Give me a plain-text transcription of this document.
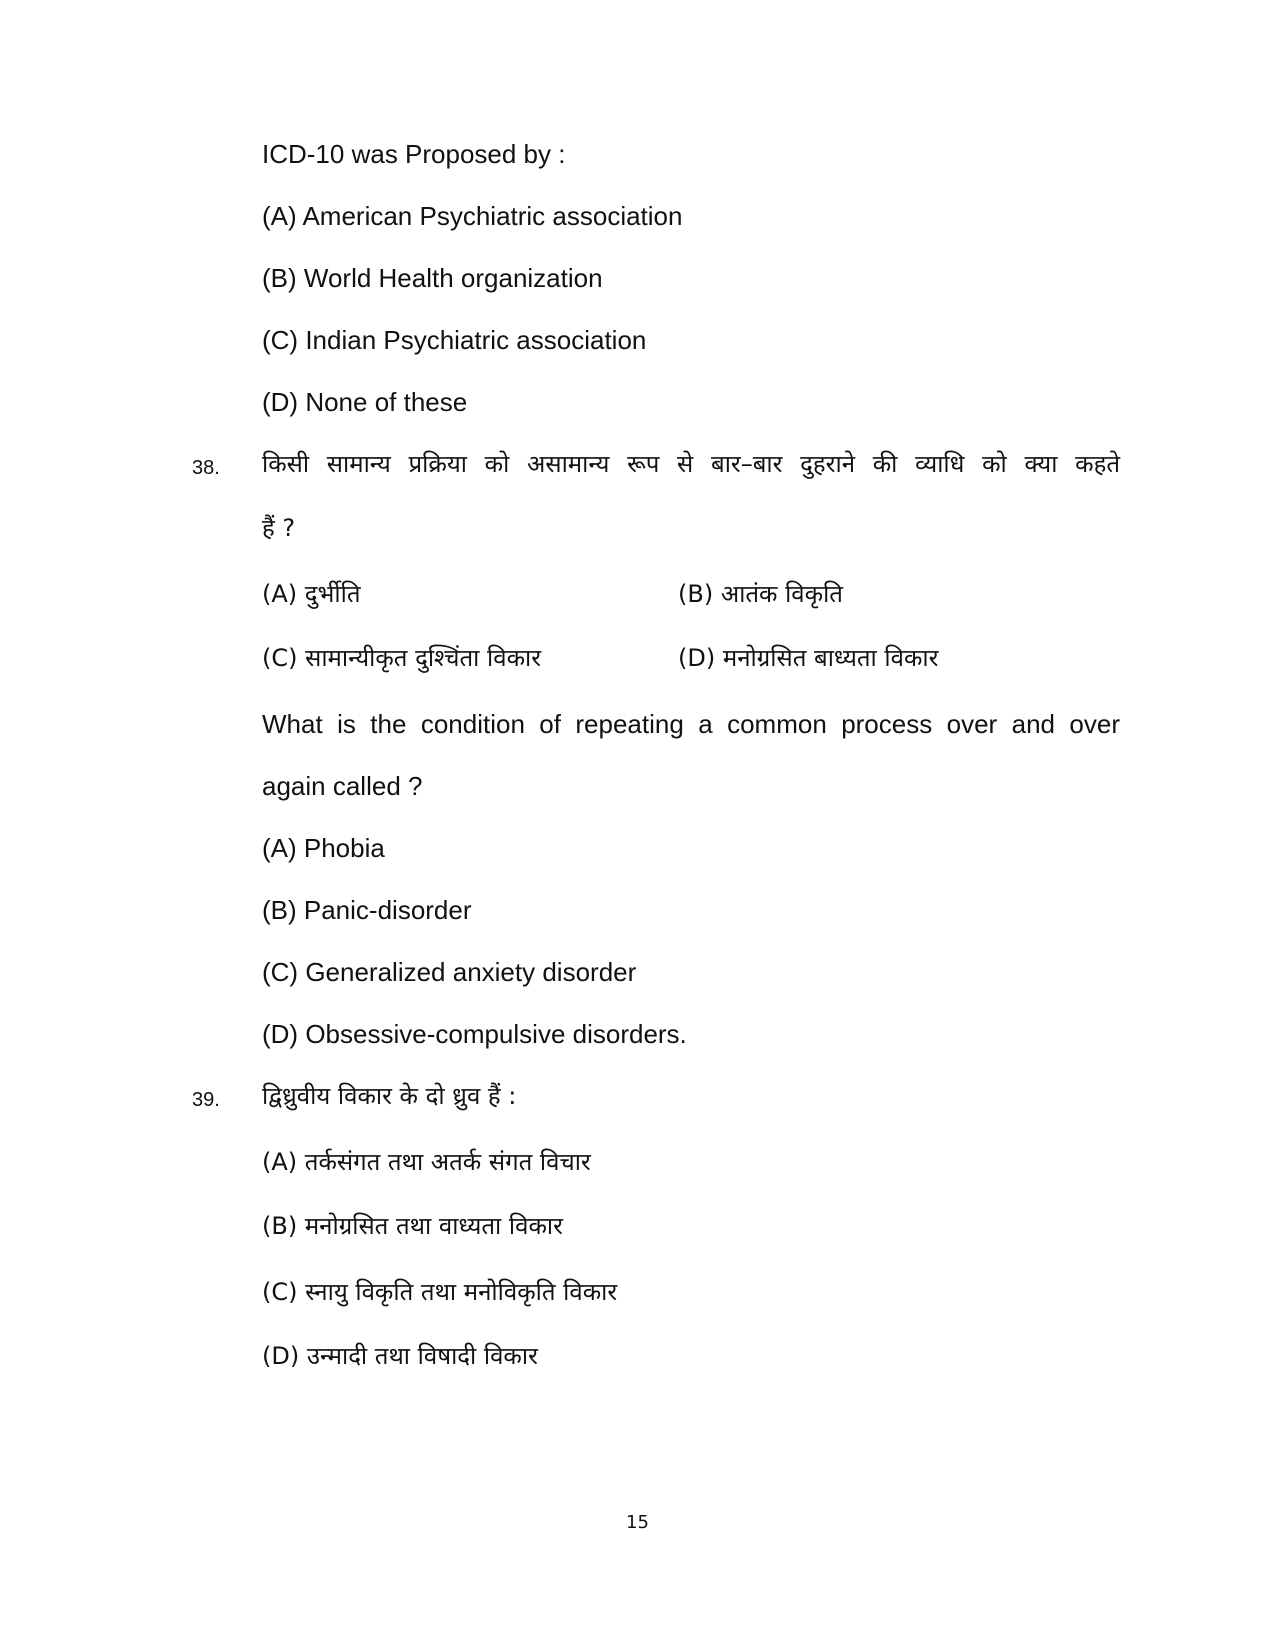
ICD-10 was Proposed by :
(A) American Psychiatric association
(B) World Health organization
(C) Indian Psychiatric association
(D) None of these
38. किसी सामान्य प्रक्रिया को असामान्य रूप से बार–बार दुहराने की व्याधि को क्या कहते
हैं ?
(A) दुर्भीति	(B) आतंक विकृति
(C) सामान्यीकृत दुश्चिंता विकार	(D) मनोग्रसित बाध्यता विकार
What is the condition of repeating a common process over and over
again called ?
(A) Phobia
(B) Panic-disorder
(C) Generalized anxiety disorder
(D) Obsessive-compulsive disorders.
39. द्विध्रुवीय विकार के दो ध्रुव हैं :
(A) तर्कसंगत तथा अतर्क संगत विचार
(B) मनोग्रसित तथा वाध्यता विकार
(C) स्नायु विकृति तथा मनोविकृति विकार
(D) उन्मादी तथा विषादी विकार
15
